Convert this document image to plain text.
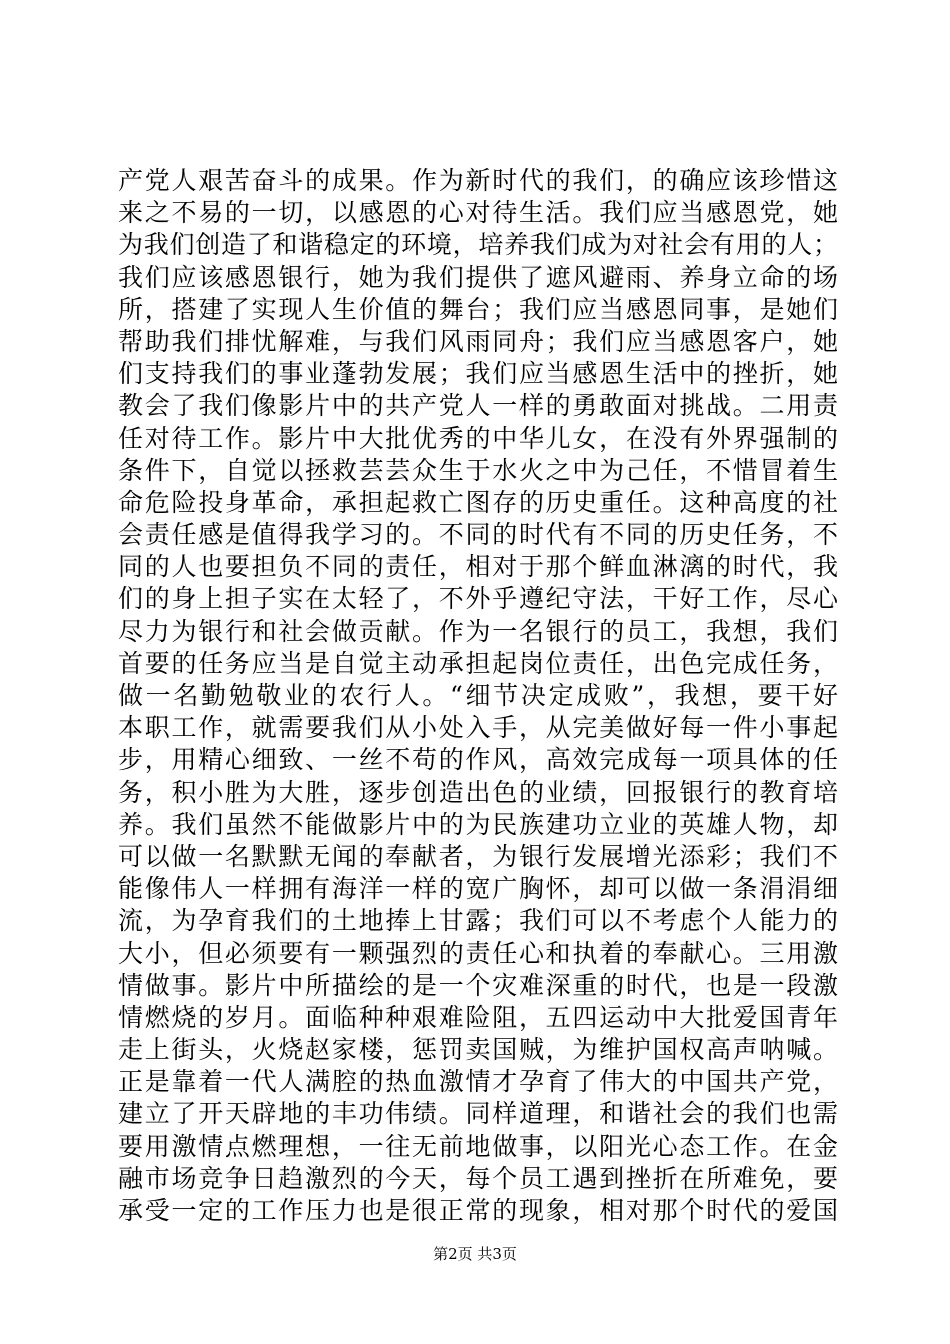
产党人艰苦奋斗的成果。作为新时代的我们，的确应该珍惜这
来之不易的一切，以感恩的心对待生活。我们应当感恩党，她
为我们创造了和谐稳定的环境，培养我们成为对社会有用的人；
我们应该感恩银行，她为我们提供了遮风避雨、养身立命的场
所，搭建了实现人生价值的舞台；我们应当感恩同事，是她们
帮助我们排忧解难，与我们风雨同舟；我们应当感恩客户，她
们支持我们的事业蓬勃发展；我们应当感恩生活中的挫折，她
教会了我们像影片中的共产党人一样的勇敢面对挑战。二用责
任对待工作。影片中大批优秀的中华儿女，在没有外界强制的
条件下，自觉以拯救芸芸众生于水火之中为己任，不惜冒着生
命危险投身革命，承担起救亡图存的历史重任。这种高度的社
会责任感是值得我学习的。不同的时代有不同的历史任务，不
同的人也要担负不同的责任，相对于那个鲜血淋漓的时代，我
们的身上担子实在太轻了，不外乎遵纪守法，干好工作，尽心
尽力为银行和社会做贡献。作为一名银行的员工，我想，我们
首要的任务应当是自觉主动承担起岗位责任，出色完成任务，
做一名勤勉敬业的农行人。“细节决定成败”，我想，要干好
本职工作，就需要我们从小处入手，从完美做好每一件小事起
步，用精心细致、一丝不苟的作风，高效完成每一项具体的任
务，积小胜为大胜，逐步创造出色的业绩，回报银行的教育培
养。我们虽然不能做影片中的为民族建功立业的英雄人物，却
可以做一名默默无闻的奉献者，为银行发展增光添彩；我们不
能像伟人一样拥有海洋一样的宽广胸怀，却可以做一条涓涓细
流，为孕育我们的土地捧上甘露；我们可以不考虑个人能力的
大小，但必须要有一颗强烈的责任心和执着的奉献心。三用激
情做事。影片中所描绘的是一个灾难深重的时代，也是一段激
情燃烧的岁月。面临种种艰难险阻，五四运动中大批爱国青年
走上街头，火烧赵家楼，惩罚卖国贼，为维护国权高声呐喊。
正是靠着一代人满腔的热血激情才孕育了伟大的中国共产党，
建立了开天辟地的丰功伟绩。同样道理，和谐社会的我们也需
要用激情点燃理想，一往无前地做事，以阳光心态工作。在金
融市场竞争日趋激烈的今天，每个员工遇到挫折在所难免，要
承受一定的工作压力也是很正常的现象，相对那个时代的爱国
第2页 共3页
